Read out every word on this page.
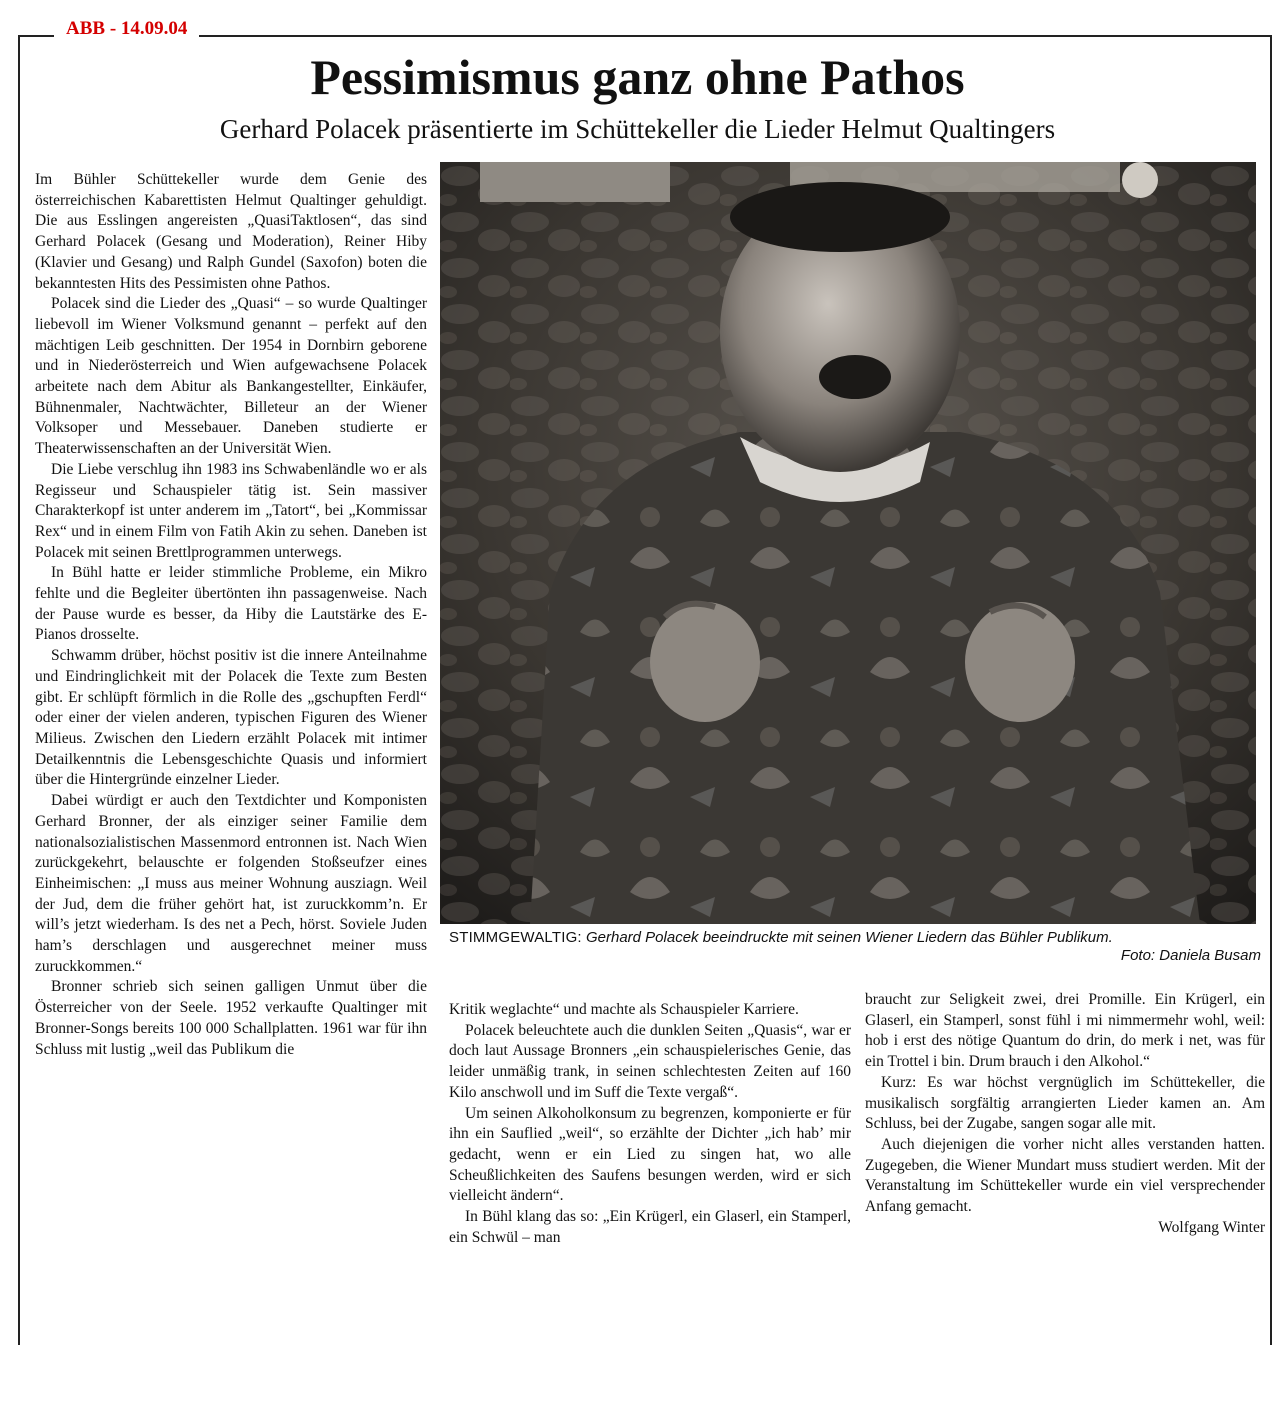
ABB - 14.09.04
Pessimismus ganz ohne Pathos
Gerhard Polacek präsentierte im Schüttekeller die Lieder Helmut Qualtingers

Im Bühler Schüttekeller wurde dem Genie des österreichischen Kabarettisten Helmut Qualtinger gehuldigt. Die aus Esslingen angereisten „QuasiTaktlosen“, das sind Gerhard Polacek (Gesang und Moderation), Reiner Hiby (Klavier und Gesang) und Ralph Gundel (Saxofon) boten die bekanntesten Hits des Pessimisten ohne Pathos.

Polacek sind die Lieder des „Quasi“ – so wurde Qualtinger liebevoll im Wiener Volksmund genannt – perfekt auf den mächtigen Leib geschnitten. Der 1954 in Dornbirn geborene und in Niederösterreich und Wien aufgewachsene Polacek arbeitete nach dem Abitur als Bankangestellter, Einkäufer, Bühnenmaler, Nachtwächter, Billeteur an der Wiener Volksoper und Messebauer. Daneben studierte er Theaterwissenschaften an der Universität Wien.

Die Liebe verschlug ihn 1983 ins Schwabenländle wo er als Regisseur und Schauspieler tätig ist. Sein massiver Charakterkopf ist unter anderem im „Tatort“, bei „Kommissar Rex“ und in einem Film von Fatih Akin zu sehen. Daneben ist Polacek mit seinen Brettlprogrammen unterwegs.

In Bühl hatte er leider stimmliche Probleme, ein Mikro fehlte und die Begleiter übertönten ihn passagenweise. Nach der Pause wurde es besser, da Hiby die Lautstärke des E-Pianos drosselte.

Schwamm drüber, höchst positiv ist die innere Anteilnahme und Eindringlichkeit mit der Polacek die Texte zum Besten gibt. Er schlüpft förmlich in die Rolle des „gschupften Ferdl“ oder einer der vielen anderen, typischen Figuren des Wiener Milieus. Zwischen den Liedern erzählt Polacek mit intimer Detailkenntnis die Lebensgeschichte Quasis und informiert über die Hintergründe einzelner Lieder.

Dabei würdigt er auch den Textdichter und Komponisten Gerhard Bronner, der als einziger seiner Familie dem nationalsozialistischen Massenmord entronnen ist. Nach Wien zurückgekehrt, belauschte er folgenden Stoßseufzer eines Einheimischen: „I muss aus meiner Wohnung ausziagn. Weil der Jud, dem die früher gehört hat, ist zuruckkomm’n. Er will’s jetzt wiederham. Is des net a Pech, hörst. Soviele Juden ham’s derschlagen und ausgerechnet meiner muss zuruckkommen.“

Bronner schrieb sich seinen galligen Unmut über die Österreicher von der Seele. 1952 verkaufte Qualtinger mit Bronner-Songs bereits 100 000 Schallplatten. 1961 war für ihn Schluss mit lustig „weil das Publikum die

STIMMGEWALTIG: Gerhard Polacek beeindruckte mit seinen Wiener Liedern das Bühler Publikum.
Foto: Daniela Busam

Kritik weglachte“ und machte als Schauspieler Karriere.

Polacek beleuchtete auch die dunklen Seiten „Quasis“, war er doch laut Aussage Bronners „ein schauspielerisches Genie, das leider unmäßig trank, in seinen schlechtesten Zeiten auf 160 Kilo anschwoll und im Suff die Texte vergaß“.

Um seinen Alkoholkonsum zu begrenzen, komponierte er für ihn ein Sauflied „weil“, so erzählte der Dichter „ich hab’ mir gedacht, wenn er ein Lied zu singen hat, wo alle Scheußlichkeiten des Saufens besungen werden, wird er sich vielleicht ändern“.

In Bühl klang das so: „Ein Krügerl, ein Glaserl, ein Stamperl, ein Schwül – man

braucht zur Seligkeit zwei, drei Promille. Ein Krügerl, ein Glaserl, ein Stamperl, sonst fühl i mi nimmermehr wohl, weil: hob i erst des nötige Quantum do drin, do merk i net, was für ein Trottel i bin. Drum brauch i den Alkohol.“

Kurz: Es war höchst vergnüglich im Schüttekeller, die musikalisch sorgfältig arrangierten Lieder kamen an. Am Schluss, bei der Zugabe, sangen sogar alle mit.

Auch diejenigen die vorher nicht alles verstanden hatten. Zugegeben, die Wiener Mundart muss studiert werden. Mit der Veranstaltung im Schüttekeller wurde ein viel versprechender Anfang gemacht.

Wolfgang Winter
